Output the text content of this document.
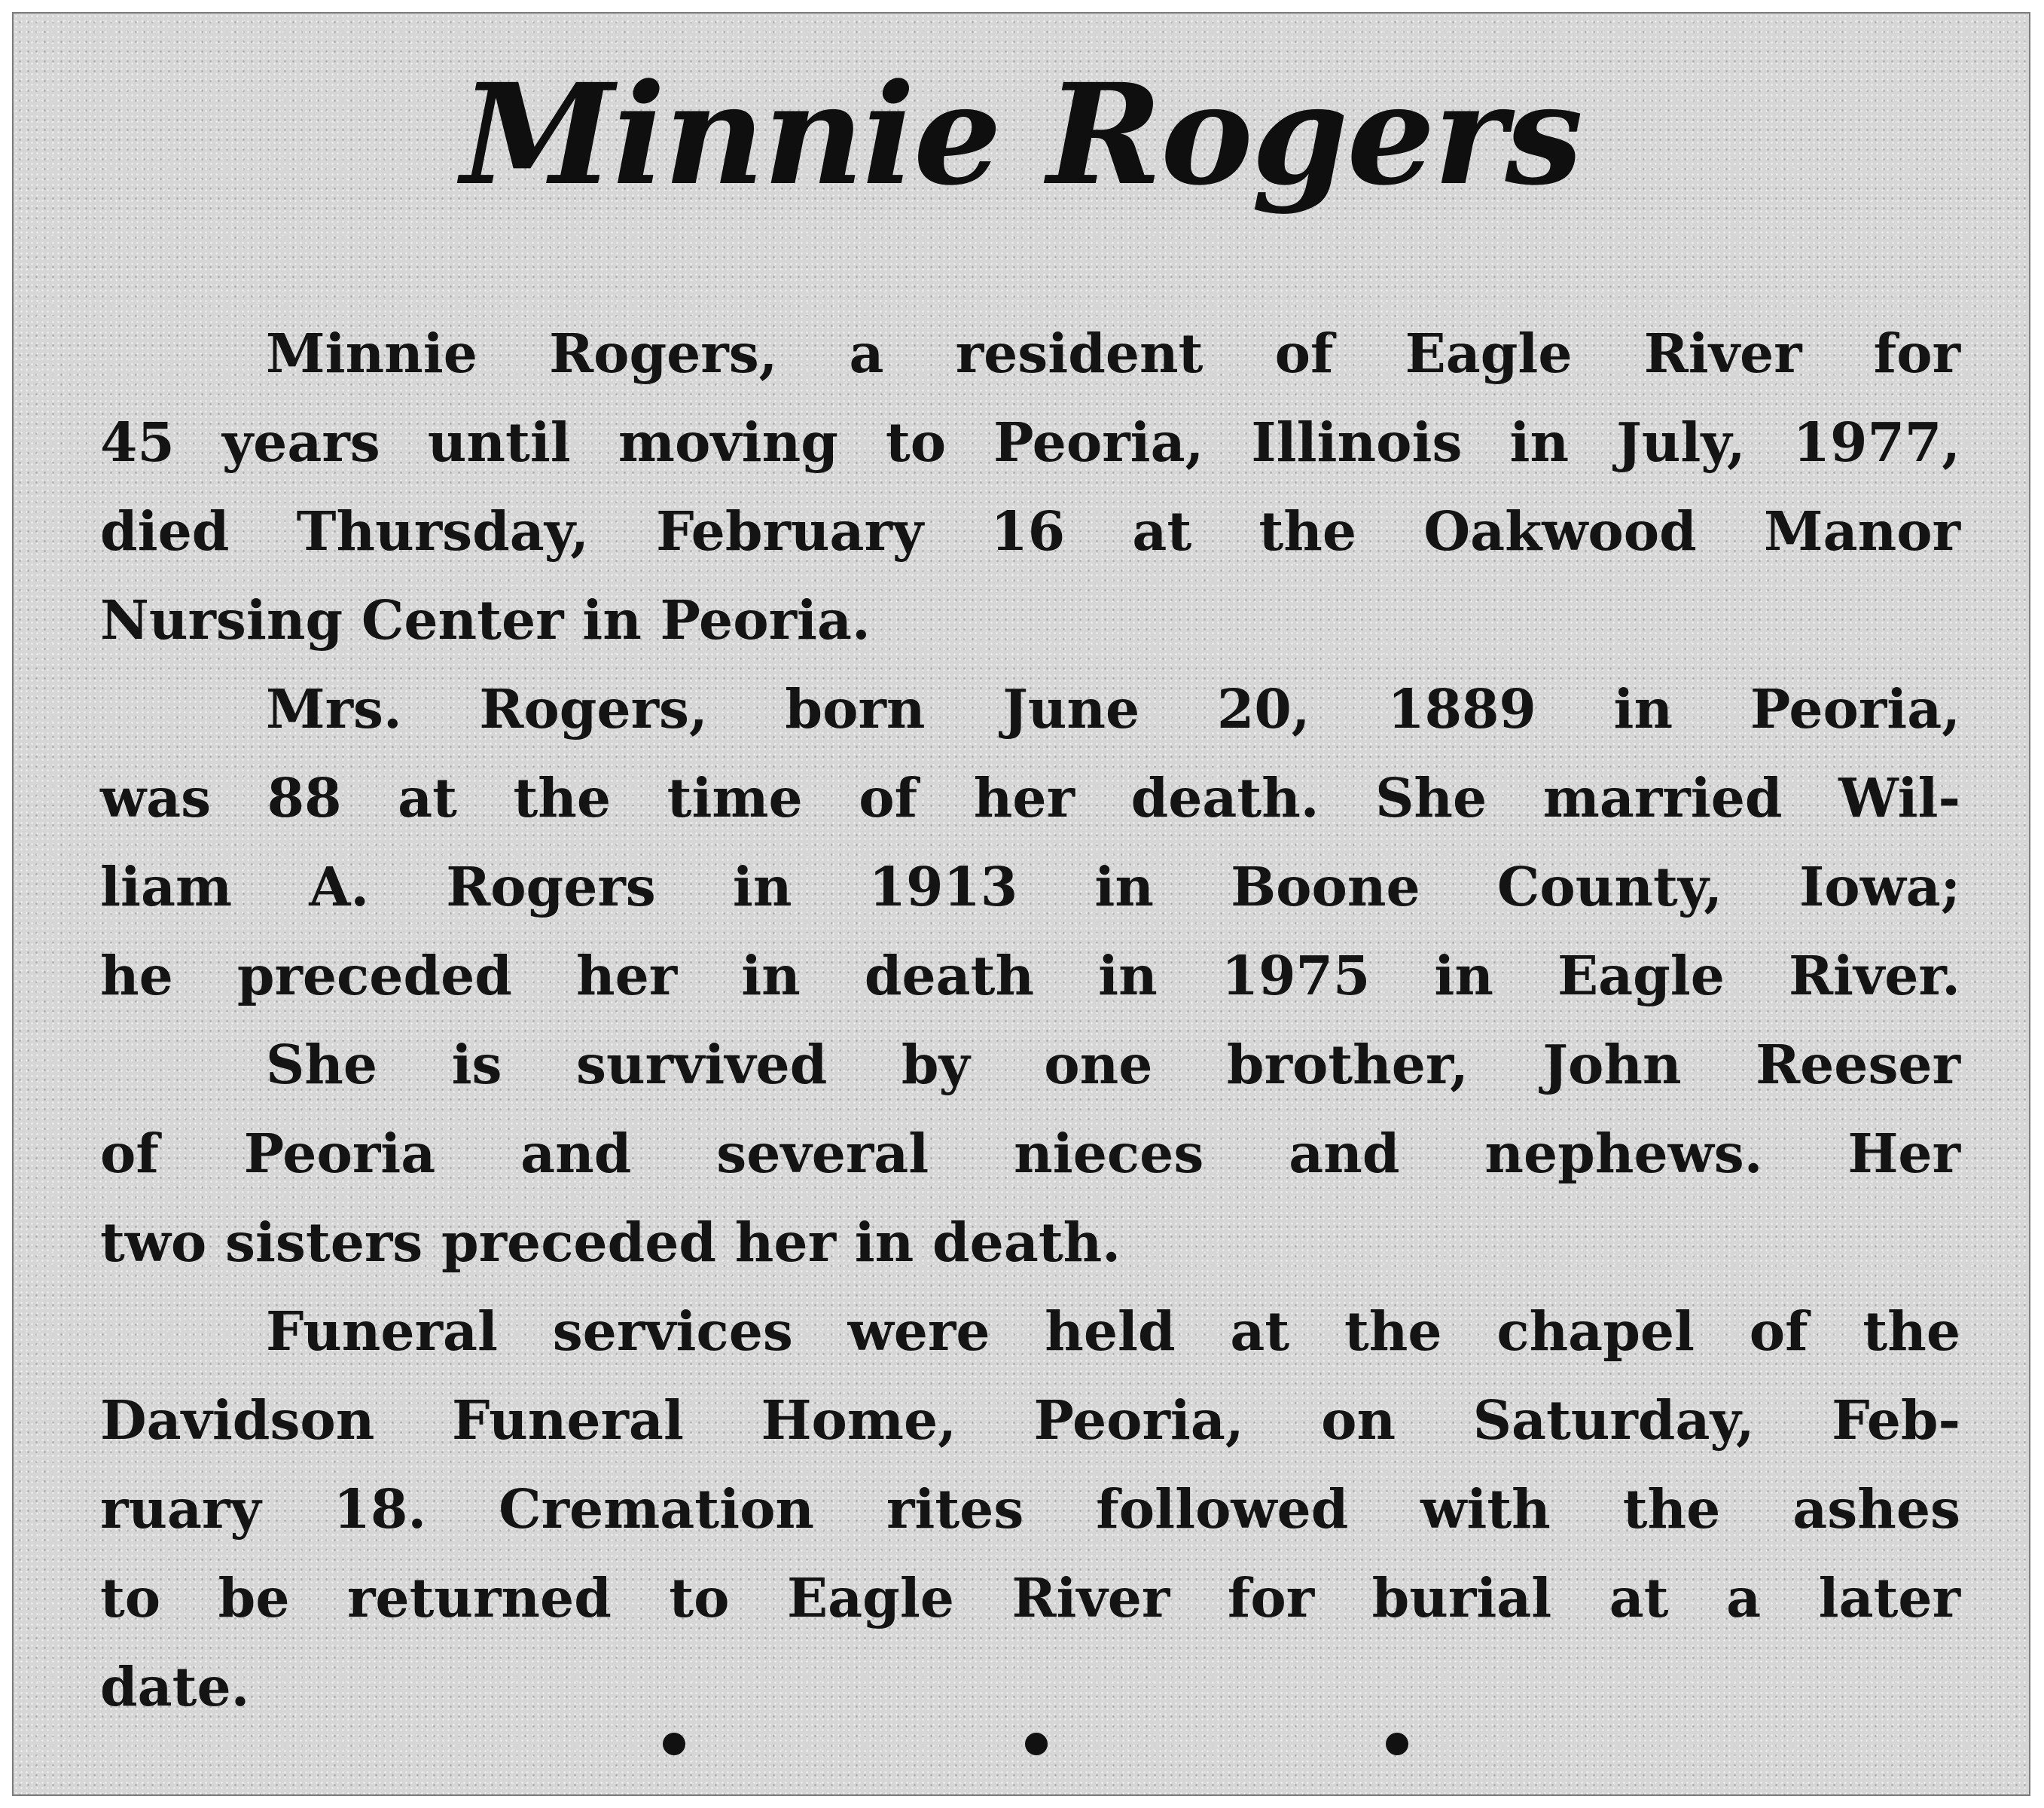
Minnie Rogers
Minnie Rogers, a resident of Eagle River for
45 years until moving to Peoria, Illinois in July, 1977,
died Thursday, February 16 at the Oakwood Manor
Nursing Center in Peoria.
Mrs. Rogers, born June 20, 1889 in Peoria,
was 88 at the time of her death. She married Wil-
liam A. Rogers in 1913 in Boone County, Iowa;
he preceded her in death in 1975 in Eagle River.
She is survived by one brother, John Reeser
of Peoria and several nieces and nephews. Her
two sisters preceded her in death.
Funeral services were held at the chapel of the
Davidson Funeral Home, Peoria, on Saturday, Feb-
ruary 18. Cremation rites followed with the ashes
to be returned to Eagle River for burial at a later
date.
